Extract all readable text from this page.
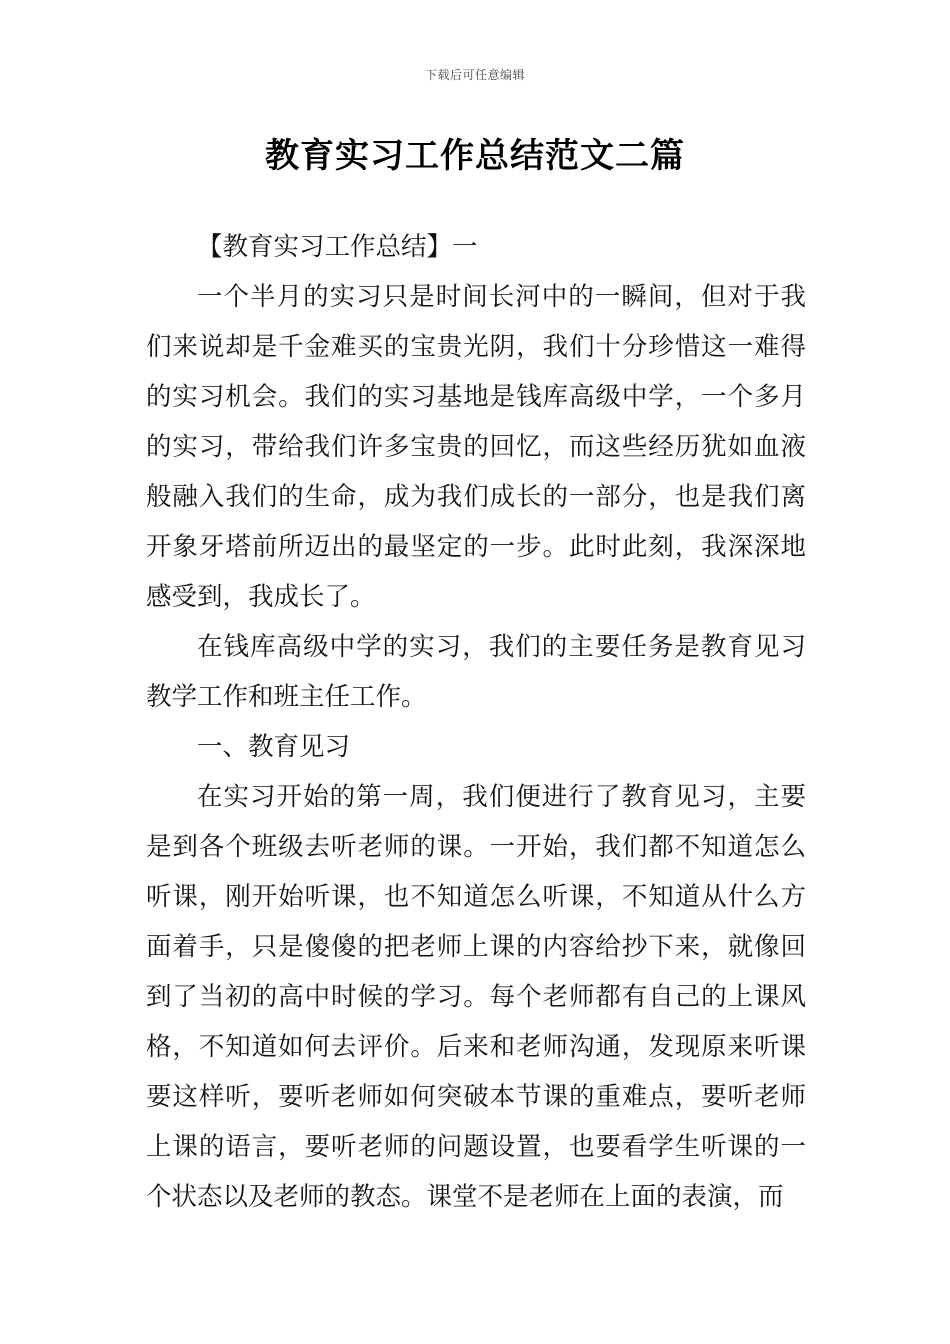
下载后可任意编辑
教育实习工作总结范文二篇

【教育实习工作总结】一

一个半月的实习只是时间长河中的一瞬间，但对于我们来说却是千金难买的宝贵光阴，我们十分珍惜这一难得的实习机会。我们的实习基地是钱库高级中学，一个多月的实习，带给我们许多宝贵的回忆，而这些经历犹如血液般融入我们的生命，成为我们成长的一部分，也是我们离开象牙塔前所迈出的最坚定的一步。此时此刻，我深深地感受到，我成长了。

在钱库高级中学的实习，我们的主要任务是教育见习教学工作和班主任工作。

一、教育见习

在实习开始的第一周，我们便进行了教育见习，主要是到各个班级去听老师的课。一开始，我们都不知道怎么听课，刚开始听课，也不知道怎么听课，不知道从什么方面着手，只是傻傻的把老师上课的内容给抄下来，就像回到了当初的高中时候的学习。每个老师都有自己的上课风格，不知道如何去评价。后来和老师沟通，发现原来听课要这样听，要听老师如何突破本节课的重难点，要听老师上课的语言，要听老师的问题设置，也要看学生听课的一个状态以及老师的教态。课堂不是老师在上面的表演，而
